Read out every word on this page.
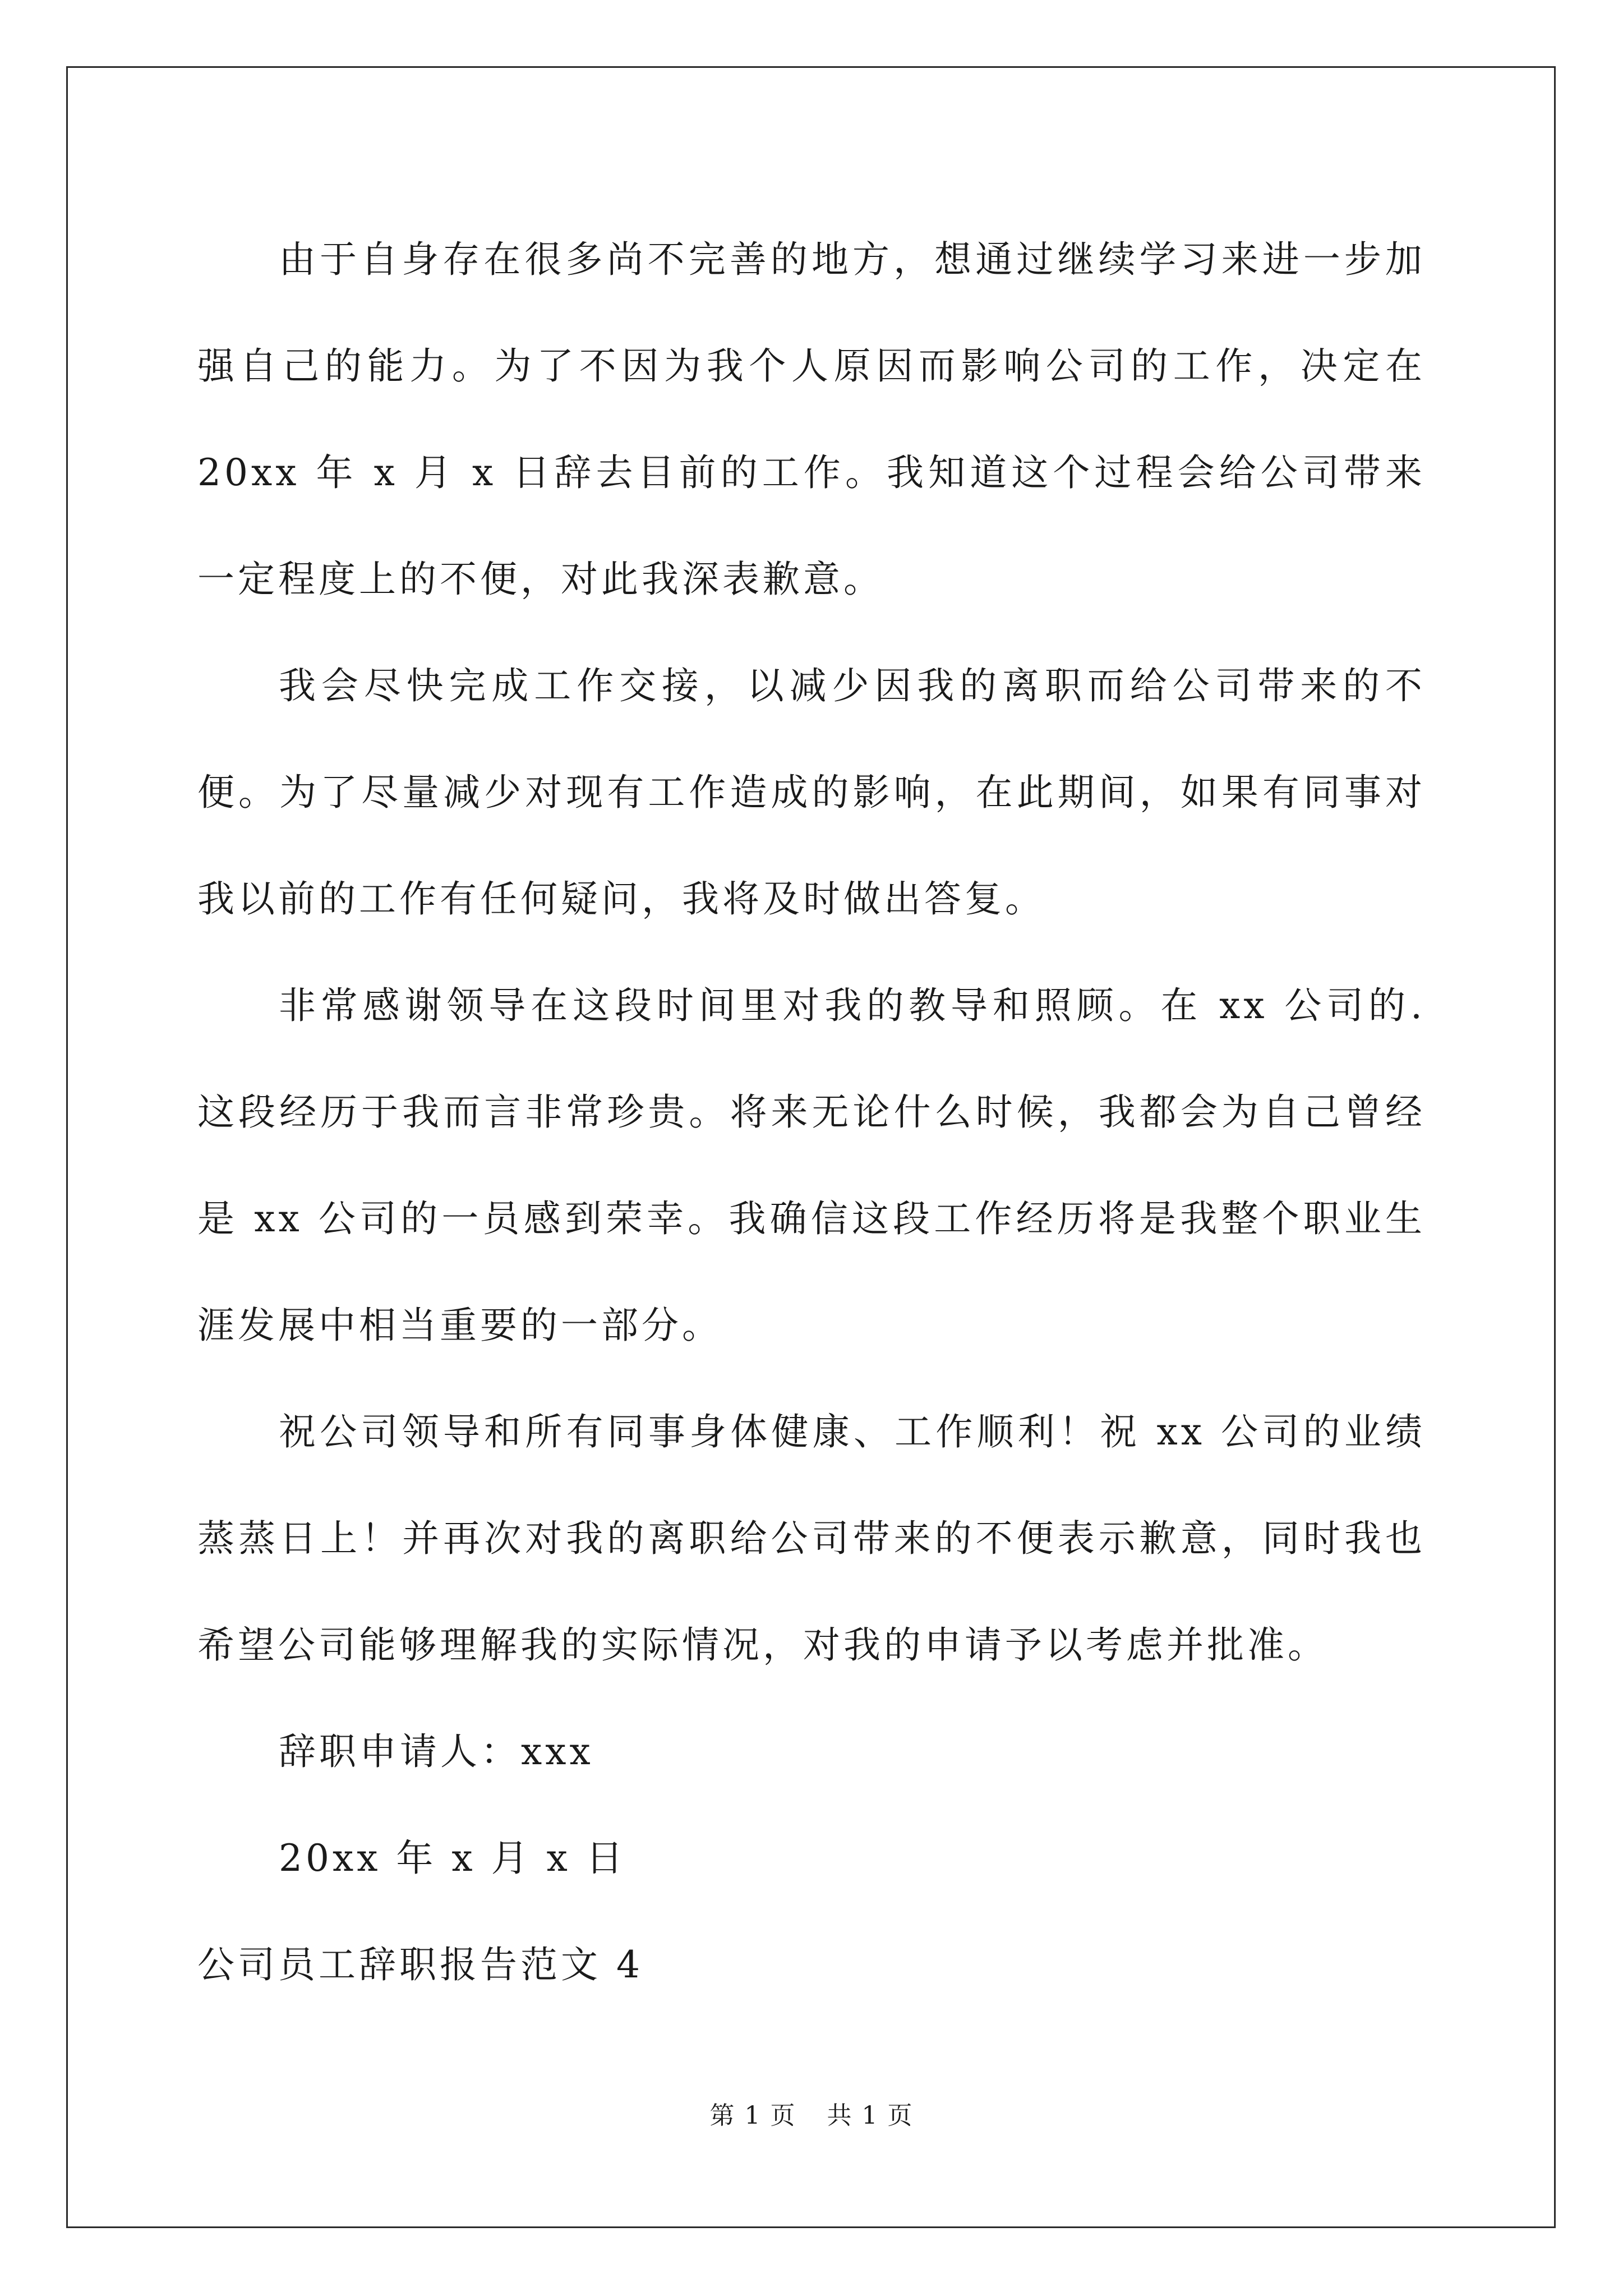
由于自身存在很多尚不完善的地方，想通过继续学习来进一步加强自己的能力。为了不因为我个人原因而影响公司的工作，决定在20xx 年 x 月 x 日辞去目前的工作。我知道这个过程会给公司带来一定程度上的不便，对此我深表歉意。

我会尽快完成工作交接，以减少因我的离职而给公司带来的不便。为了尽量减少对现有工作造成的影响，在此期间，如果有同事对我以前的工作有任何疑问，我将及时做出答复。

非常感谢领导在这段时间里对我的教导和照顾。在 xx 公司的. 这段经历于我而言非常珍贵。将来无论什么时候，我都会为自己曾经是 xx 公司的一员感到荣幸。我确信这段工作经历将是我整个职业生涯发展中相当重要的一部分。

祝公司领导和所有同事身体健康、工作顺利！祝 xx 公司的业绩蒸蒸日上！并再次对我的离职给公司带来的不便表示歉意，同时我也希望公司能够理解我的实际情况，对我的申请予以考虑并批准。

辞职申请人：xxx

20xx 年 x 月 x 日

公司员工辞职报告范文 4

第 1 页 共 1 页
